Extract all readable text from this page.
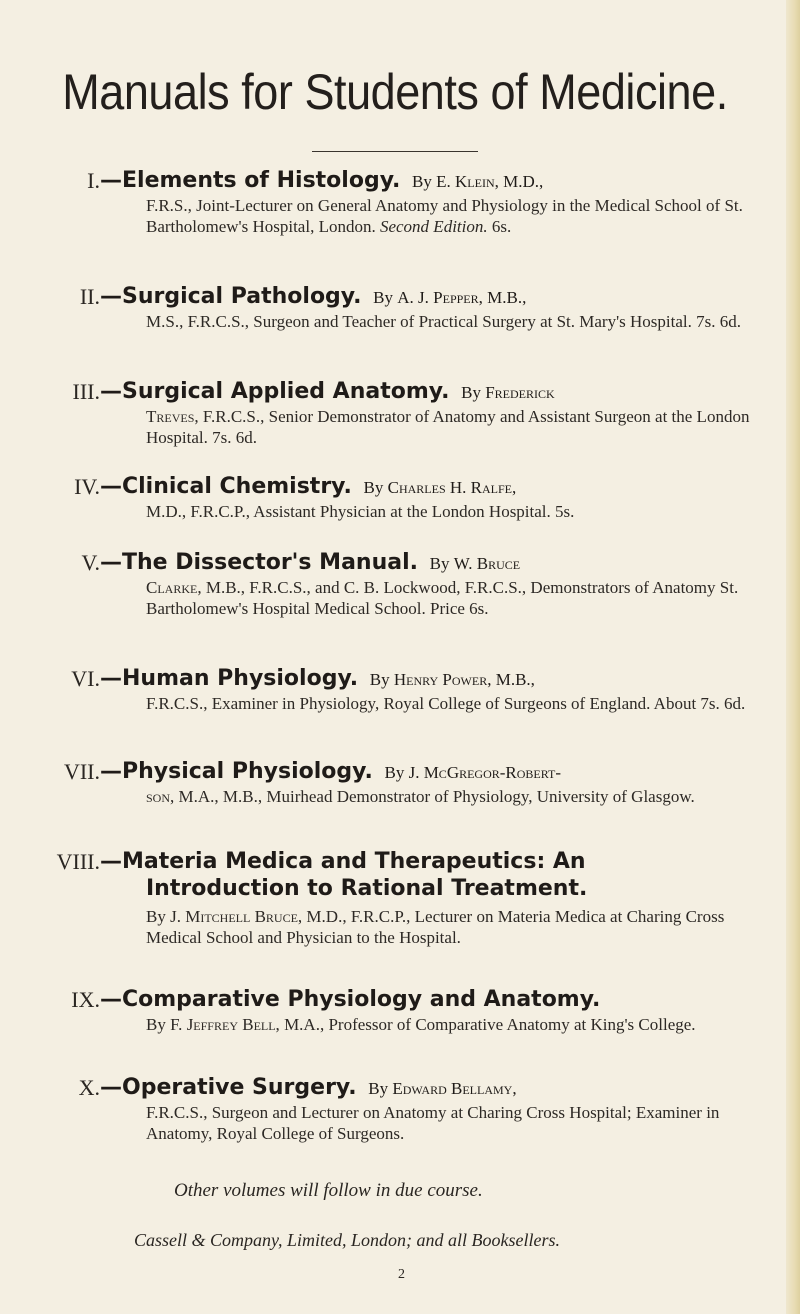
Manuals for Students of Medicine.
I. —Elements of Histology. By E. Klein, M.D.,
F.R.S., Joint-Lecturer on General Anatomy and Physiology in the Medical School of St. Bartholomew's Hospital, London. Second Edition. 6s.
II. —Surgical Pathology. By A. J. Pepper, M.B.,
M.S., F.R.C.S., Surgeon and Teacher of Practical Surgery at St. Mary's Hospital. 7s. 6d.
III. —Surgical Applied Anatomy. By Frederick
Treves, F.R.C.S., Senior Demonstrator of Anatomy and Assistant Surgeon at the London Hospital. 7s. 6d.
IV. —Clinical Chemistry. By Charles H. Ralfe,
M.D., F.R.C.P., Assistant Physician at the London Hospital. 5s.
V. —The Dissector's Manual. By W. Bruce
Clarke, M.B., F.R.C.S., and C. B. Lockwood, F.R.C.S., Demonstrators of Anatomy St. Bartholomew's Hospital Medical School. Price 6s.
VI. —Human Physiology. By Henry Power, M.B.,
F.R.C.S., Examiner in Physiology, Royal College of Surgeons of England. About 7s. 6d.
VII. —Physical Physiology. By J. McGregor-Robert-
son, M.A., M.B., Muirhead Demonstrator of Physiology, University of Glasgow.
VIII. —Materia Medica and Therapeutics: An
Introduction to Rational Treatment.
By J. Mitchell Bruce, M.D., F.R.C.P., Lecturer on Materia Medica at Charing Cross Medical School and Physician to the Hospital.
IX. —Comparative Physiology and Anatomy.
By F. Jeffrey Bell, M.A., Professor of Comparative Anatomy at King's College.
X. —Operative Surgery. By Edward Bellamy,
F.R.C.S., Surgeon and Lecturer on Anatomy at Charing Cross Hospital; Examiner in Anatomy, Royal College of Surgeons.
Other volumes will follow in due course.
Cassell & Company, Limited, London; and all Booksellers.
2
